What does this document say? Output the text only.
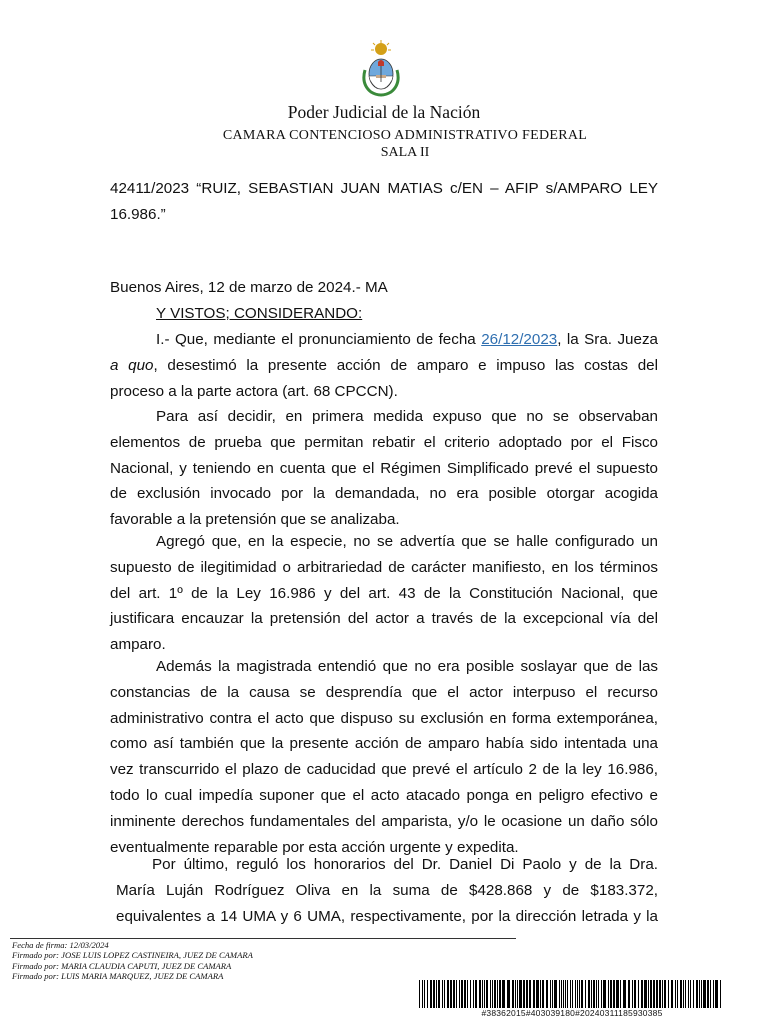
Poder Judicial de la Nación
CAMARA CONTENCIOSO ADMINISTRATIVO FEDERAL
SALA II
42411/2023 “RUIZ, SEBASTIAN JUAN MATIAS c/EN – AFIP s/AMPARO LEY
16.986.”
Buenos Aires, 12 de marzo de 2024.- MA
Y VISTOS; CONSIDERANDO:
I.- Que, mediante el pronunciamiento de fecha 26/12/2023, la Sra. Jueza
a quo, desestimó la presente acción de amparo e impuso las costas del
proceso a la parte actora (art. 68 CPCCN).
Para así decidir, en primera medida expuso que no se observaban
elementos de prueba que permitan rebatir el criterio adoptado por el Fisco
Nacional, y teniendo en cuenta que el Régimen Simplificado prevé el supuesto
de exclusión invocado por la demandada, no era posible otorgar acogida
favorable a la pretensión que se analizaba.
Agregó que, en la especie, no se advertía que se halle configurado un
supuesto de ilegitimidad o arbitrariedad de carácter manifiesto, en los términos
del art. 1º de la Ley 16.986 y del art. 43 de la Constitución Nacional, que
justificara encauzar la pretensión del actor a través de la excepcional vía del
amparo.
Además la magistrada entendió que no era posible soslayar que de las
constancias de la causa se desprendía que el actor interpuso el recurso
administrativo contra el acto que dispuso su exclusión en forma extemporánea,
como así también que la presente acción de amparo había sido intentada una
vez transcurrido el plazo de caducidad que prevé el artículo 2 de la ley 16.986,
todo lo cual impedía suponer que el acto atacado ponga en peligro efectivo e
inminente derechos fundamentales del amparista, y/o le ocasione un daño sólo
eventualmente reparable por esta acción urgente y expedita.
Por último, reguló los honorarios del Dr. Daniel Di Paolo y de la Dra.
María Luján Rodríguez Oliva en la suma de $428.868 y de $183.372,
equivalentes a 14 UMA y 6 UMA, respectivamente, por la dirección letrada y la
Fecha de firma: 12/03/2024
Firmado por: JOSE LUIS LOPEZ CASTINEIRA, JUEZ DE CAMARA
Firmado por: MARIA CLAUDIA CAPUTI, JUEZ DE CAMARA
Firmado por: LUIS MARIA MARQUEZ, JUEZ DE CAMARA
#38362015#403039180#20240311185930385
